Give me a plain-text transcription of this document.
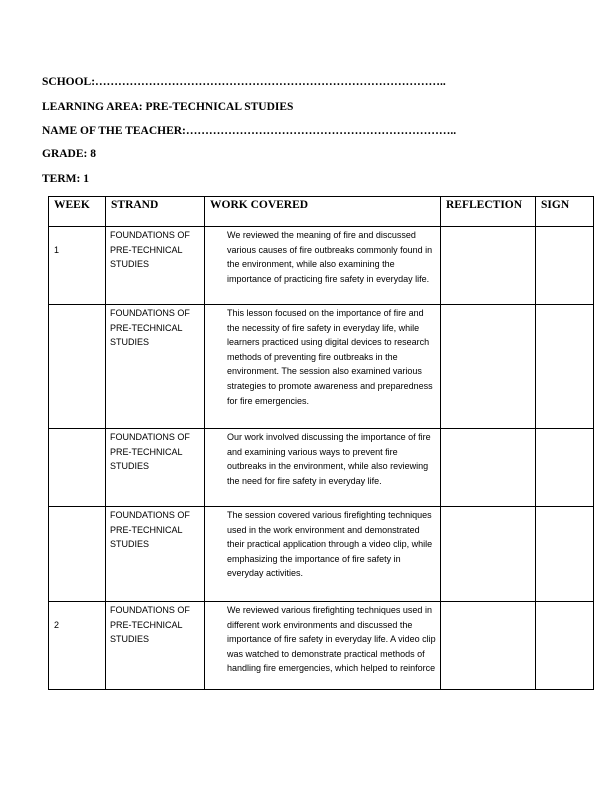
SCHOOL:………………………………………………………………………………..
LEARNING AREA: PRE-TECHNICAL STUDIES
NAME OF THE TEACHER:……………………………………………………………..
GRADE: 8
TERM: 1
WEEK	STRAND	WORK COVERED	REFLECTION	SIGN

1	FOUNDATIONS OF PRE-TECHNICAL STUDIES	We reviewed the meaning of fire and discussed various causes of fire outbreaks commonly found in the environment, while also examining the importance of practicing fire safety in everyday life.		

	FOUNDATIONS OF PRE-TECHNICAL STUDIES	This lesson focused on the importance of fire and the necessity of fire safety in everyday life, while learners practiced using digital devices to research methods of preventing fire outbreaks in the environment. The session also examined various strategies to promote awareness and preparedness for fire emergencies.		

	FOUNDATIONS OF PRE-TECHNICAL STUDIES	Our work involved discussing the importance of fire and examining various ways to prevent fire outbreaks in the environment, while also reviewing the need for fire safety in everyday life.		

	FOUNDATIONS OF PRE-TECHNICAL STUDIES	The session covered various firefighting techniques used in the work environment and demonstrated their practical application through a video clip, while emphasizing the importance of fire safety in everyday activities.		

2	FOUNDATIONS OF PRE-TECHNICAL STUDIES	We reviewed various firefighting techniques used in different work environments and discussed the importance of fire safety in everyday life. A video clip was watched to demonstrate practical methods of handling fire emergencies, which helped to reinforce		
